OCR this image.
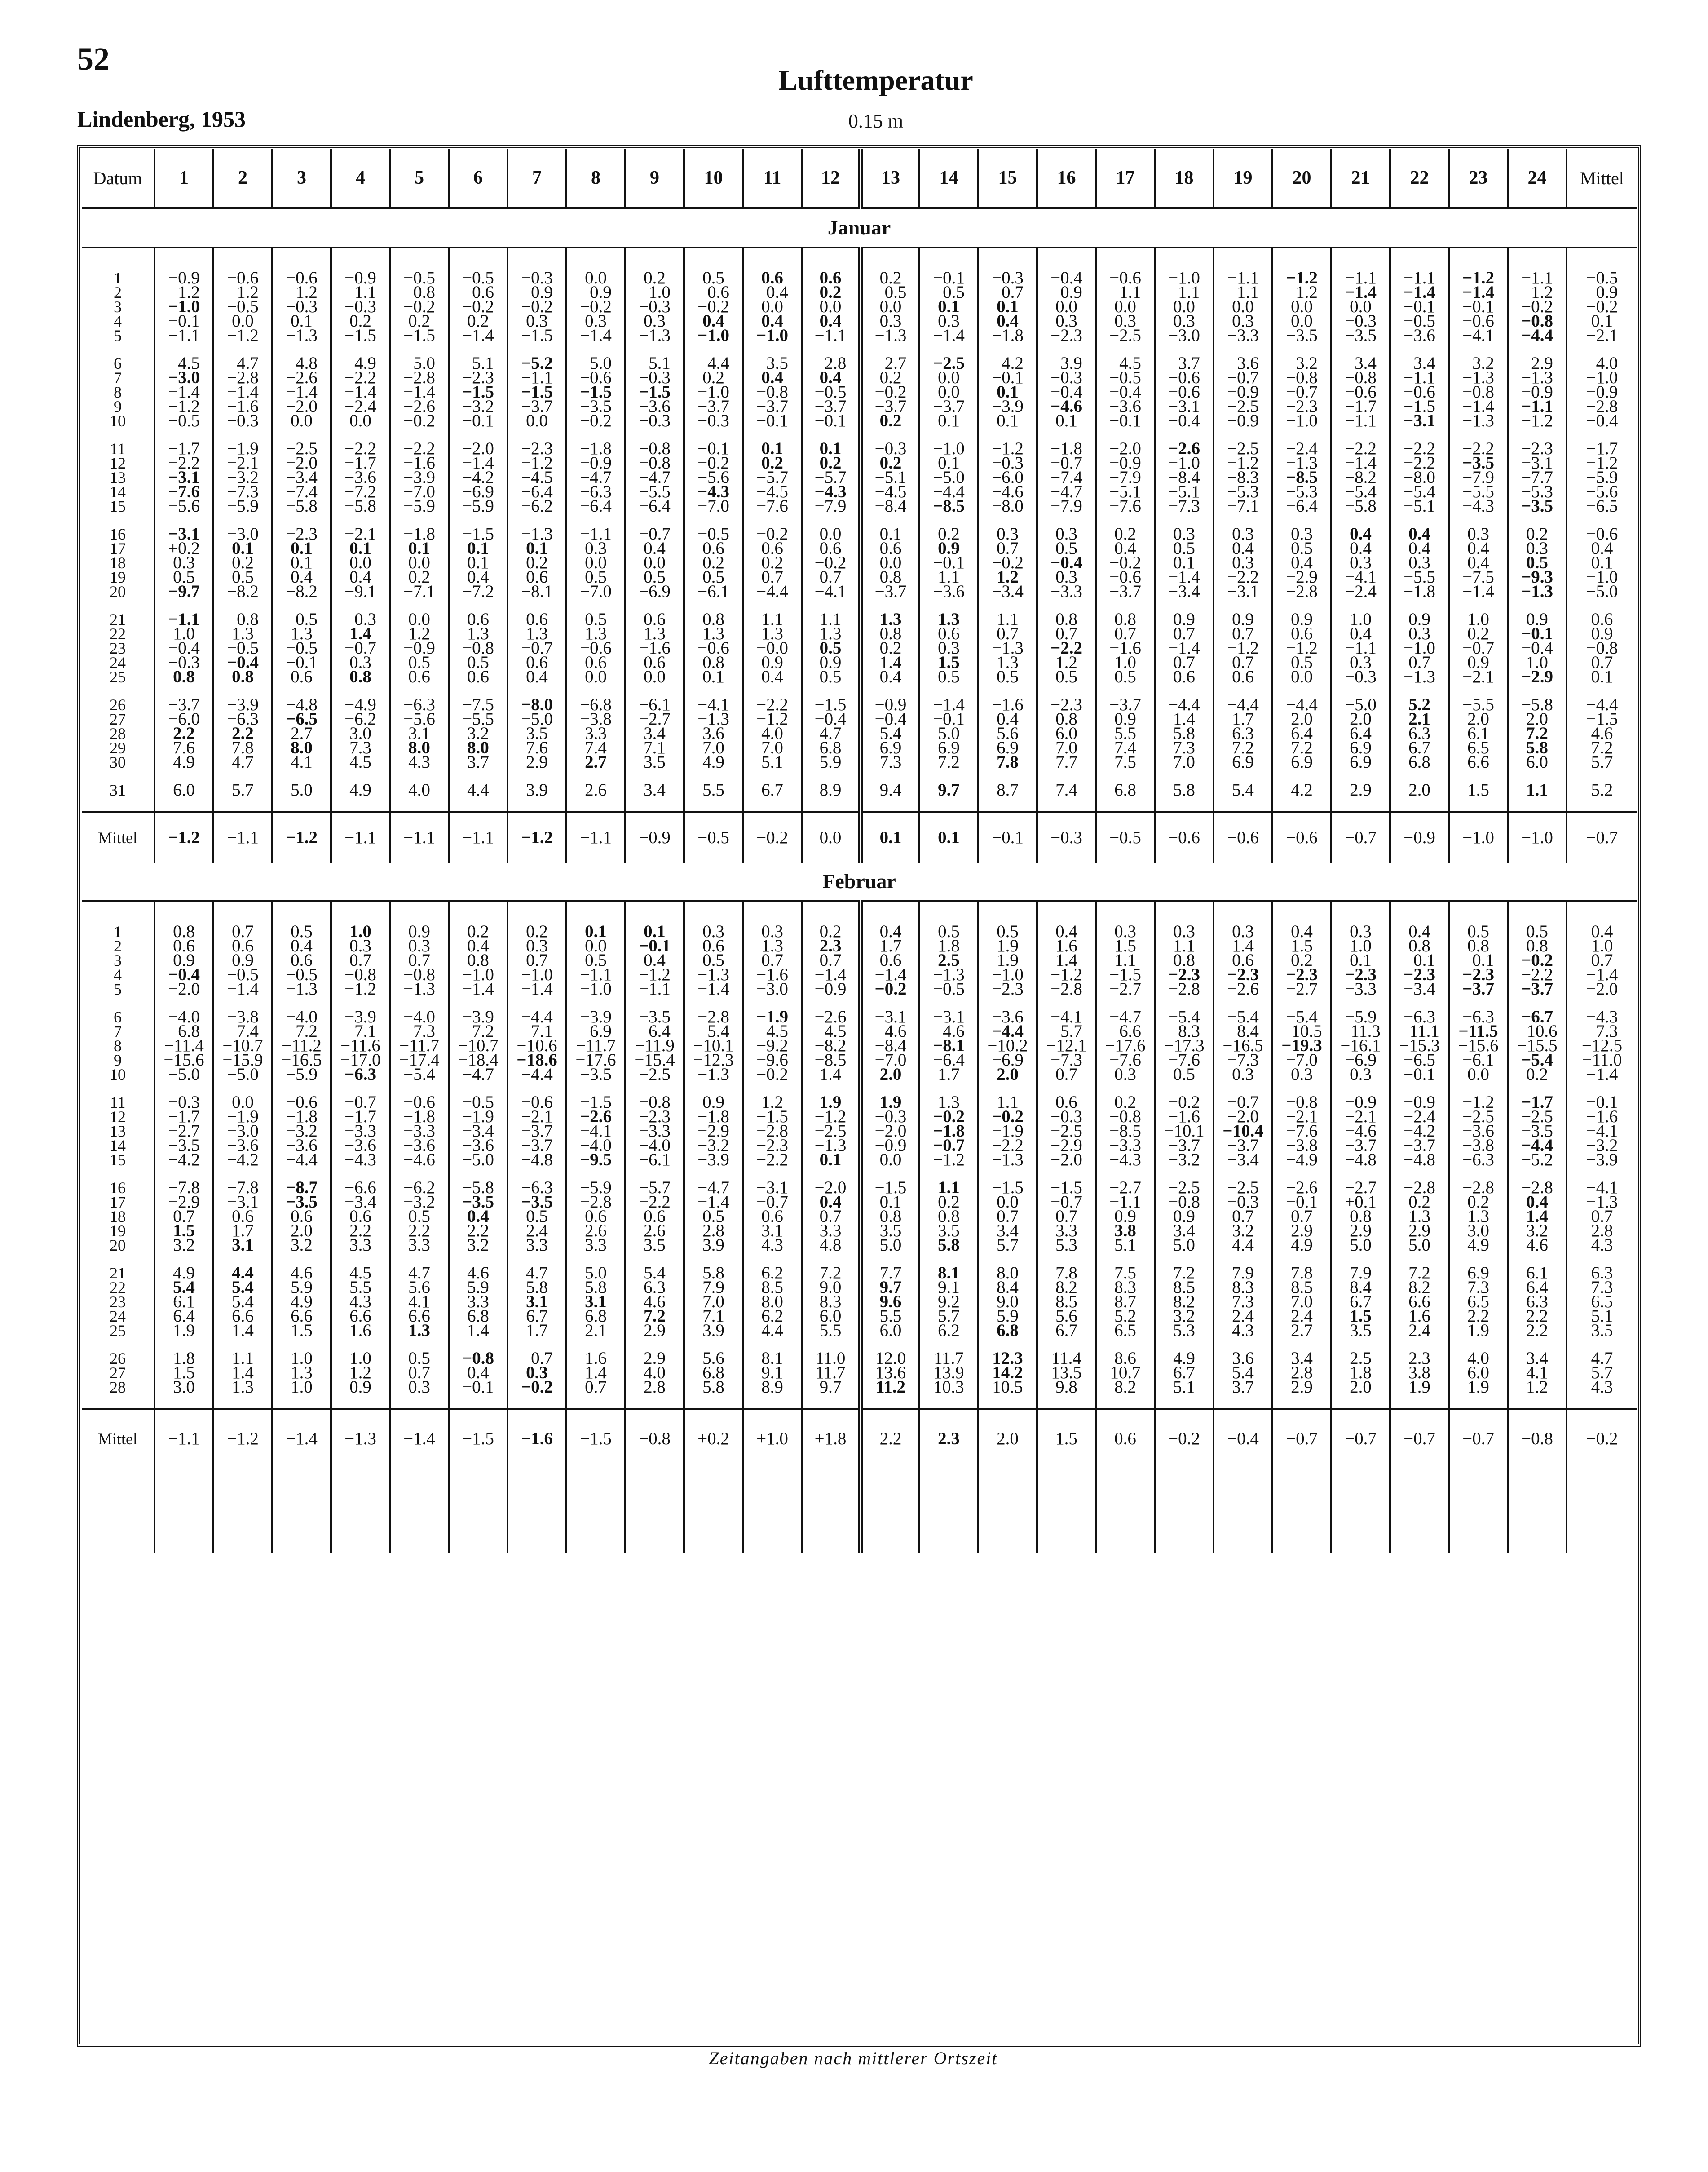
52
Lufttemperatur
Lindenberg, 1953	0.15 m
Datum	1	2	3	4	5	6	7	8	9	10	11	12	13	14	15	16	17	18	19	20	21	22	23	24	Mittel
Januar																									

1	−0.9	−0.6	−0.6	−0.9	−0.5	−0.5	−0.3	0.0	0.2	0.5	0.6	0.6	0.2	−0.1	−0.3	−0.4	−0.6	−1.0	−1.1	−1.2	−1.1	−1.1	−1.2	−1.1	−0.5
2	−1.2	−1.2	−1.2	−1.1	−0.8	−0.6	−0.9	−0.9	−1.0	−0.6	−0.4	0.2	−0.5	−0.5	−0.7	−0.9	−1.1	−1.1	−1.1	−1.2	−1.4	−1.4	−1.4	−1.2	−0.9
3	−1.0	−0.5	−0.3	−0.3	−0.2	−0.2	−0.2	−0.2	−0.3	−0.2	0.0	0.0	0.0	0.1	0.1	0.0	0.0	0.0	0.0	0.0	0.0	−0.1	−0.1	−0.2	−0.2
4	−0.1	0.0	0.1	0.2	0.2	0.2	0.3	0.3	0.3	0.4	0.4	0.4	0.3	0.3	0.4	0.3	0.3	0.3	0.3	0.0	−0.3	−0.5	−0.6	−0.8	0.1
5	−1.1	−1.2	−1.3	−1.5	−1.5	−1.4	−1.5	−1.4	−1.3	−1.0	−1.0	−1.1	−1.3	−1.4	−1.8	−2.3	−2.5	−3.0	−3.3	−3.5	−3.5	−3.6	−4.1	−4.4	−2.1

6	−4.5	−4.7	−4.8	−4.9	−5.0	−5.1	−5.2	−5.0	−5.1	−4.4	−3.5	−2.8	−2.7	−2.5	−4.2	−3.9	−4.5	−3.7	−3.6	−3.2	−3.4	−3.4	−3.2	−2.9	−4.0
7	−3.0	−2.8	−2.6	−2.2	−2.8	−2.3	−1.1	−0.6	−0.3	0.2	0.4	0.4	0.2	0.0	−0.1	−0.3	−0.5	−0.6	−0.7	−0.8	−0.8	−1.1	−1.3	−1.3	−1.0
8	−1.4	−1.4	−1.4	−1.4	−1.4	−1.5	−1.5	−1.5	−1.5	−1.0	−0.8	−0.5	−0.2	0.0	0.1	−0.4	−0.4	−0.6	−0.9	−0.7	−0.6	−0.6	−0.8	−0.9	−0.9
9	−1.2	−1.6	−2.0	−2.4	−2.6	−3.2	−3.7	−3.5	−3.6	−3.7	−3.7	−3.7	−3.7	−3.7	−3.9	−4.6	−3.6	−3.1	−2.5	−2.3	−1.7	−1.5	−1.4	−1.1	−2.8
10	−0.5	−0.3	0.0	0.0	−0.2	−0.1	0.0	−0.2	−0.3	−0.3	−0.1	−0.1	0.2	0.1	0.1	0.1	−0.1	−0.4	−0.9	−1.0	−1.1	−3.1	−1.3	−1.2	−0.4

11	−1.7	−1.9	−2.5	−2.2	−2.2	−2.0	−2.3	−1.8	−0.8	−0.1	0.1	0.1	−0.3	−1.0	−1.2	−1.8	−2.0	−2.6	−2.5	−2.4	−2.2	−2.2	−2.2	−2.3	−1.7
12	−2.2	−2.1	−2.0	−1.7	−1.6	−1.4	−1.2	−0.9	−0.8	−0.2	0.2	0.2	0.2	0.1	−0.3	−0.7	−0.9	−1.0	−1.2	−1.3	−1.4	−2.2	−3.5	−3.1	−1.2
13	−3.1	−3.2	−3.4	−3.6	−3.9	−4.2	−4.5	−4.7	−4.7	−5.6	−5.7	−5.7	−5.1	−5.0	−6.0	−7.4	−7.9	−8.4	−8.3	−8.5	−8.2	−8.0	−7.9	−7.7	−5.9
14	−7.6	−7.3	−7.4	−7.2	−7.0	−6.9	−6.4	−6.3	−5.5	−4.3	−4.5	−4.3	−4.5	−4.4	−4.6	−4.7	−5.1	−5.1	−5.3	−5.3	−5.4	−5.4	−5.5	−5.3	−5.6
15	−5.6	−5.9	−5.8	−5.8	−5.9	−5.9	−6.2	−6.4	−6.4	−7.0	−7.6	−7.9	−8.4	−8.5	−8.0	−7.9	−7.6	−7.3	−7.1	−6.4	−5.8	−5.1	−4.3	−3.5	−6.5

16	−3.1	−3.0	−2.3	−2.1	−1.8	−1.5	−1.3	−1.1	−0.7	−0.5	−0.2	0.0	0.1	0.2	0.3	0.3	0.2	0.3	0.3	0.3	0.4	0.4	0.3	0.2	−0.6
17	+0.2	0.1	0.1	0.1	0.1	0.1	0.1	0.3	0.4	0.6	0.6	0.6	0.6	0.9	0.7	0.5	0.4	0.5	0.4	0.5	0.4	0.4	0.4	0.3	0.4
18	0.3	0.2	0.1	0.0	0.0	0.1	0.2	0.0	0.0	0.2	0.2	−0.2	0.0	−0.1	−0.2	−0.4	−0.2	0.1	0.3	0.4	0.3	0.3	0.4	0.5	0.1
19	0.5	0.5	0.4	0.4	0.2	0.4	0.6	0.5	0.5	0.5	0.7	0.7	0.8	1.1	1.2	0.3	−0.6	−1.4	−2.2	−2.9	−4.1	−5.5	−7.5	−9.3	−1.0
20	−9.7	−8.2	−8.2	−9.1	−7.1	−7.2	−8.1	−7.0	−6.9	−6.1	−4.4	−4.1	−3.7	−3.6	−3.4	−3.3	−3.7	−3.4	−3.1	−2.8	−2.4	−1.8	−1.4	−1.3	−5.0

21	−1.1	−0.8	−0.5	−0.3	0.0	0.6	0.6	0.5	0.6	0.8	1.1	1.1	1.3	1.3	1.1	0.8	0.8	0.9	0.9	0.9	1.0	0.9	1.0	0.9	0.6
22	1.0	1.3	1.3	1.4	1.2	1.3	1.3	1.3	1.3	1.3	1.3	1.3	0.8	0.6	0.7	0.7	0.7	0.7	0.7	0.6	0.4	0.3	0.2	−0.1	0.9
23	−0.4	−0.5	−0.5	−0.7	−0.9	−0.8	−0.7	−0.6	−1.6	−0.6	−0.0	0.5	0.2	0.3	−1.3	−2.2	−1.6	−1.4	−1.2	−1.2	−1.1	−1.0	−0.7	−0.4	−0.8
24	−0.3	−0.4	−0.1	0.3	0.5	0.5	0.6	0.6	0.6	0.8	0.9	0.9	1.4	1.5	1.3	1.2	1.0	0.7	0.7	0.5	0.3	0.7	0.9	1.0	0.7
25	0.8	0.8	0.6	0.8	0.6	0.6	0.4	0.0	0.0	0.1	0.4	0.5	0.4	0.5	0.5	0.5	0.5	0.6	0.6	0.0	−0.3	−1.3	−2.1	−2.9	0.1

26	−3.7	−3.9	−4.8	−4.9	−6.3	−7.5	−8.0	−6.8	−6.1	−4.1	−2.2	−1.5	−0.9	−1.4	−1.6	−2.3	−3.7	−4.4	−4.4	−4.4	−5.0	5.2	−5.5	−5.8	−4.4
27	−6.0	−6.3	−6.5	−6.2	−5.6	−5.5	−5.0	−3.8	−2.7	−1.3	−1.2	−0.4	−0.4	−0.1	0.4	0.8	0.9	1.4	1.7	2.0	2.0	2.1	2.0	2.0	−1.5
28	2.2	2.2	2.7	3.0	3.1	3.2	3.5	3.3	3.4	3.6	4.0	4.7	5.4	5.0	5.6	6.0	5.5	5.8	6.3	6.4	6.4	6.3	6.1	7.2	4.6
29	7.6	7.8	8.0	7.3	8.0	8.0	7.6	7.4	7.1	7.0	7.0	6.8	6.9	6.9	6.9	7.0	7.4	7.3	7.2	7.2	6.9	6.7	6.5	5.8	7.2
30	4.9	4.7	4.1	4.5	4.3	3.7	2.9	2.7	3.5	4.9	5.1	5.9	7.3	7.2	7.8	7.7	7.5	7.0	6.9	6.9	6.9	6.8	6.6	6.0	5.7

31	6.0	5.7	5.0	4.9	4.0	4.4	3.9	2.6	3.4	5.5	6.7	8.9	9.4	9.7	8.7	7.4	6.8	5.8	5.4	4.2	2.9	2.0	1.5	1.1	5.2

Mittel	−1.2	−1.1	−1.2	−1.1	−1.1	−1.1	−1.2	−1.1	−0.9	−0.5	−0.2	0.0	0.1	0.1	−0.1	−0.3	−0.5	−0.6	−0.6	−0.6	−0.7	−0.9	−1.0	−1.0	−0.7
Februar																									

1	0.8	0.7	0.5	1.0	0.9	0.2	0.2	0.1	0.1	0.3	0.3	0.2	0.4	0.5	0.5	0.4	0.3	0.3	0.3	0.4	0.3	0.4	0.5	0.5	0.4
2	0.6	0.6	0.4	0.3	0.3	0.4	0.3	0.0	−0.1	0.6	1.3	2.3	1.7	1.8	1.9	1.6	1.5	1.1	1.4	1.5	1.0	0.8	0.8	0.8	1.0
3	0.9	0.9	0.6	0.7	0.7	0.8	0.7	0.5	0.4	0.5	0.7	0.7	0.6	2.5	1.9	1.4	1.1	0.8	0.6	0.2	0.1	−0.1	−0.1	−0.2	0.7
4	−0.4	−0.5	−0.5	−0.8	−0.8	−1.0	−1.0	−1.1	−1.2	−1.3	−1.6	−1.4	−1.4	−1.3	−1.0	−1.2	−1.5	−2.3	−2.3	−2.3	−2.3	−2.3	−2.3	−2.2	−1.4
5	−2.0	−1.4	−1.3	−1.2	−1.3	−1.4	−1.4	−1.0	−1.1	−1.4	−3.0	−0.9	−0.2	−0.5	−2.3	−2.8	−2.7	−2.8	−2.6	−2.7	−3.3	−3.4	−3.7	−3.7	−2.0

6	−4.0	−3.8	−4.0	−3.9	−4.0	−3.9	−4.4	−3.9	−3.5	−2.8	−1.9	−2.6	−3.1	−3.1	−3.6	−4.1	−4.7	−5.4	−5.4	−5.4	−5.9	−6.3	−6.3	−6.7	−4.3
7	−6.8	−7.4	−7.2	−7.1	−7.3	−7.2	−7.1	−6.9	−6.4	−5.4	−4.5	−4.5	−4.6	−4.6	−4.4	−5.7	−6.6	−8.3	−8.4	−10.5	−11.3	−11.1	−11.5	−10.6	−7.3
8	−11.4	−10.7	−11.2	−11.6	−11.7	−10.7	−10.6	−11.7	−11.9	−10.1	−9.2	−8.2	−8.4	−8.1	−10.2	−12.1	−17.6	−17.3	−16.5	−19.3	−16.1	−15.3	−15.6	−15.5	−12.5
9	−15.6	−15.9	−16.5	−17.0	−17.4	−18.4	−18.6	−17.6	−15.4	−12.3	−9.6	−8.5	−7.0	−6.4	−6.9	−7.3	−7.6	−7.6	−7.3	−7.0	−6.9	−6.5	−6.1	−5.4	−11.0
10	−5.0	−5.0	−5.9	−6.3	−5.4	−4.7	−4.4	−3.5	−2.5	−1.3	−0.2	1.4	2.0	1.7	2.0	0.7	0.3	0.5	0.3	0.3	0.3	−0.1	0.0	0.2	−1.4

11	−0.3	0.0	−0.6	−0.7	−0.6	−0.5	−0.6	−1.5	−0.8	0.9	1.2	1.9	1.9	1.3	1.1	0.6	0.2	−0.2	−0.7	−0.8	−0.9	−0.9	−1.2	−1.7	−0.1
12	−1.7	−1.9	−1.8	−1.7	−1.8	−1.9	−2.1	−2.6	−2.3	−1.8	−1.5	−1.2	−0.3	−0.2	−0.2	−0.3	−0.8	−1.6	−2.0	−2.1	−2.1	−2.4	−2.5	−2.5	−1.6
13	−2.7	−3.0	−3.2	−3.3	−3.3	−3.4	−3.7	−4.1	−3.3	−2.9	−2.8	−2.5	−2.0	−1.8	−1.9	−2.5	−8.5	−10.1	−10.4	−7.6	−4.6	−4.2	−3.6	−3.5	−4.1
14	−3.5	−3.6	−3.6	−3.6	−3.6	−3.6	−3.7	−4.0	−4.0	−3.2	−2.3	−1.3	−0.9	−0.7	−2.2	−2.9	−3.3	−3.7	−3.7	−3.8	−3.7	−3.7	−3.8	−4.4	−3.2
15	−4.2	−4.2	−4.4	−4.3	−4.6	−5.0	−4.8	−9.5	−6.1	−3.9	−2.2	0.1	0.0	−1.2	−1.3	−2.0	−4.3	−3.2	−3.4	−4.9	−4.8	−4.8	−6.3	−5.2	−3.9

16	−7.8	−7.8	−8.7	−6.6	−6.2	−5.8	−6.3	−5.9	−5.7	−4.7	−3.1	−2.0	−1.5	1.1	−1.5	−1.5	−2.7	−2.5	−2.5	−2.6	−2.7	−2.8	−2.8	−2.8	−4.1
17	−2.9	−3.1	−3.5	−3.4	−3.2	−3.5	−3.5	−2.8	−2.2	−1.4	−0.7	0.4	0.1	0.2	0.0	−0.7	−1.1	−0.8	−0.3	−0.1	+0.1	0.2	0.2	0.4	−1.3
18	0.7	0.6	0.6	0.6	0.5	0.4	0.5	0.6	0.6	0.5	0.6	0.7	0.8	0.8	0.7	0.7	0.9	0.9	0.7	0.7	0.8	1.3	1.3	1.4	0.7
19	1.5	1.7	2.0	2.2	2.2	2.2	2.4	2.6	2.6	2.8	3.1	3.3	3.5	3.5	3.4	3.3	3.8	3.4	3.2	2.9	2.9	2.9	3.0	3.2	2.8
20	3.2	3.1	3.2	3.3	3.3	3.2	3.3	3.3	3.5	3.9	4.3	4.8	5.0	5.8	5.7	5.3	5.1	5.0	4.4	4.9	5.0	5.0	4.9	4.6	4.3

21	4.9	4.4	4.6	4.5	4.7	4.6	4.7	5.0	5.4	5.8	6.2	7.2	7.7	8.1	8.0	7.8	7.5	7.2	7.9	7.8	7.9	7.2	6.9	6.1	6.3
22	5.4	5.4	5.9	5.5	5.6	5.9	5.8	5.8	6.3	7.9	8.5	9.0	9.7	9.1	8.4	8.2	8.3	8.5	8.3	8.5	8.4	8.2	7.3	6.4	7.3
23	6.1	5.4	4.9	4.3	4.1	3.3	3.1	3.1	4.6	7.0	8.0	8.3	9.6	9.2	9.0	8.5	8.7	8.2	7.3	7.0	6.7	6.6	6.5	6.3	6.5
24	6.4	6.6	6.6	6.6	6.6	6.8	6.7	6.8	7.2	7.1	6.2	6.0	5.5	5.7	5.9	5.6	5.2	3.2	2.4	2.4	1.5	1.6	2.2	2.2	5.1
25	1.9	1.4	1.5	1.6	1.3	1.4	1.7	2.1	2.9	3.9	4.4	5.5	6.0	6.2	6.8	6.7	6.5	5.3	4.3	2.7	3.5	2.4	1.9	2.2	3.5

26	1.8	1.1	1.0	1.0	0.5	−0.8	−0.7	1.6	2.9	5.6	8.1	11.0	12.0	11.7	12.3	11.4	8.6	4.9	3.6	3.4	2.5	2.3	4.0	3.4	4.7
27	1.5	1.4	1.3	1.2	0.7	0.4	0.3	1.4	4.0	6.8	9.1	11.7	13.6	13.9	14.2	13.5	10.7	6.7	5.4	2.8	1.8	3.8	6.0	4.1	5.7
28	3.0	1.3	1.0	0.9	0.3	−0.1	−0.2	0.7	2.8	5.8	8.9	9.7	11.2	10.3	10.5	9.8	8.2	5.1	3.7	2.9	2.0	1.9	1.9	1.2	4.3

Mittel	−1.1	−1.2	−1.4	−1.3	−1.4	−1.5	−1.6	−1.5	−0.8	+0.2	+1.0	+1.8	2.2	2.3	2.0	1.5	0.6	−0.2	−0.4	−0.7	−0.7	−0.7	−0.7	−0.8	−0.2

Zeitangaben nach mittlerer Ortszeit
